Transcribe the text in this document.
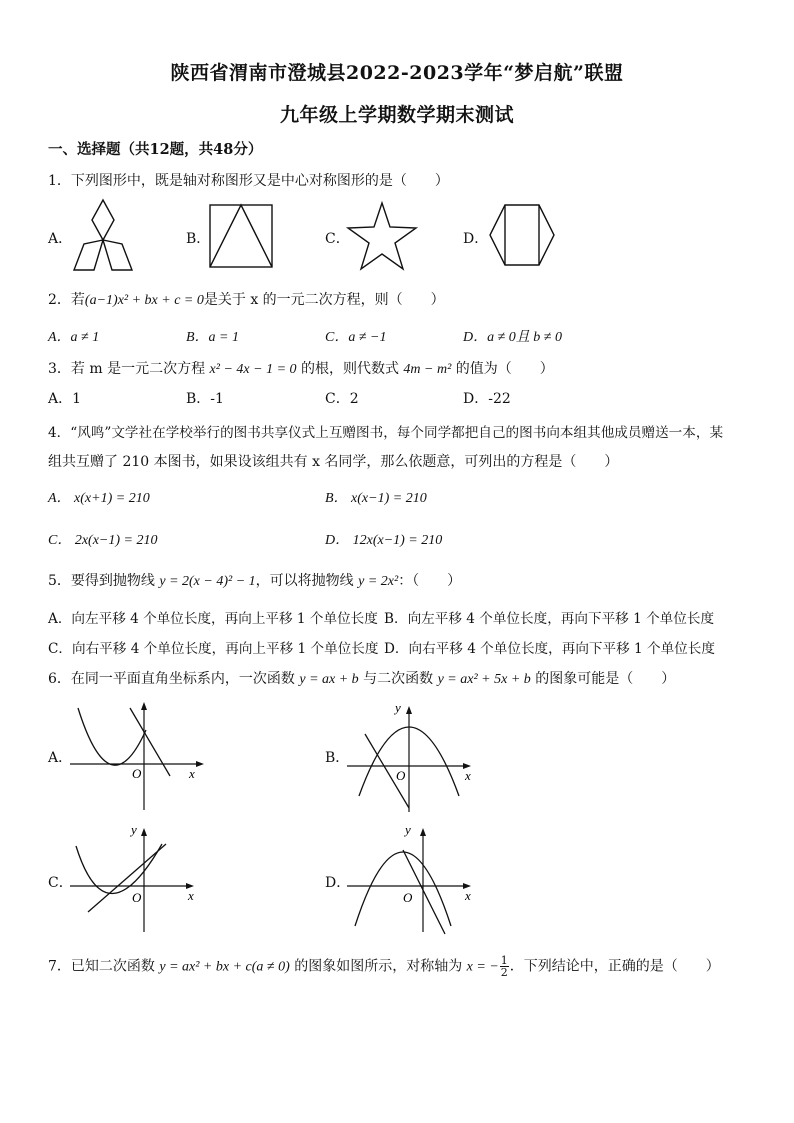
陕西省渭南市澄城县2022-2023学年“梦启航”联盟
九年级上学期数学期末测试
一、选择题（共12题，共48分）
1．下列图形中，既是轴对称图形又是中心对称图形的是（　　）
A．	B．	C．	D．
2．若(a−1)x² + bx + c = 0是关于 x 的一元二次方程，则（　　）
A．a ≠ 1	B．a = 1	C．a ≠ −1	D．a ≠ 0且 b ≠ 0
3．若 m 是一元二次方程 x² − 4x − 1 = 0 的根，则代数式 4m − m² 的值为（　　）
A．1	B．-1	C．2	D．-22
4．“风鸣”文学社在学校举行的图书共享仪式上互赠图书，每个同学都把自己的图书向本组其他成员赠送一本，某
组共互赠了 210 本图书，如果设该组共有 x 名同学，那么依题意，可列出的方程是（　　）
A． x(x+1) = 210	B． x(x−1) = 210
C． 2x(x−1) = 210	D． 12x(x−1) = 210
5．要得到抛物线 y = 2(x − 4)² − 1，可以将抛物线 y = 2x²：（　　）
A．向左平移 4 个单位长度，再向上平移 1 个单位长度 B．向左平移 4 个单位长度，再向下平移 1 个单位长度
C．向右平移 4 个单位长度，再向上平移 1 个单位长度 D．向右平移 4 个单位长度，再向下平移 1 个单位长度
6．在同一平面直角坐标系内，一次函数 y = ax + b 与二次函数 y = ax² + 5x + b 的图象可能是（　　）
A．
O	x
B．
O	x
y
C．
O	x
y
D．
O	x
y
7．已知二次函数 y = ax² + bx + c(a ≠ 0) 的图象如图所示，对称轴为 x = − $\frac{1}{2}$ ．下列结论中，正确的是（　　）
